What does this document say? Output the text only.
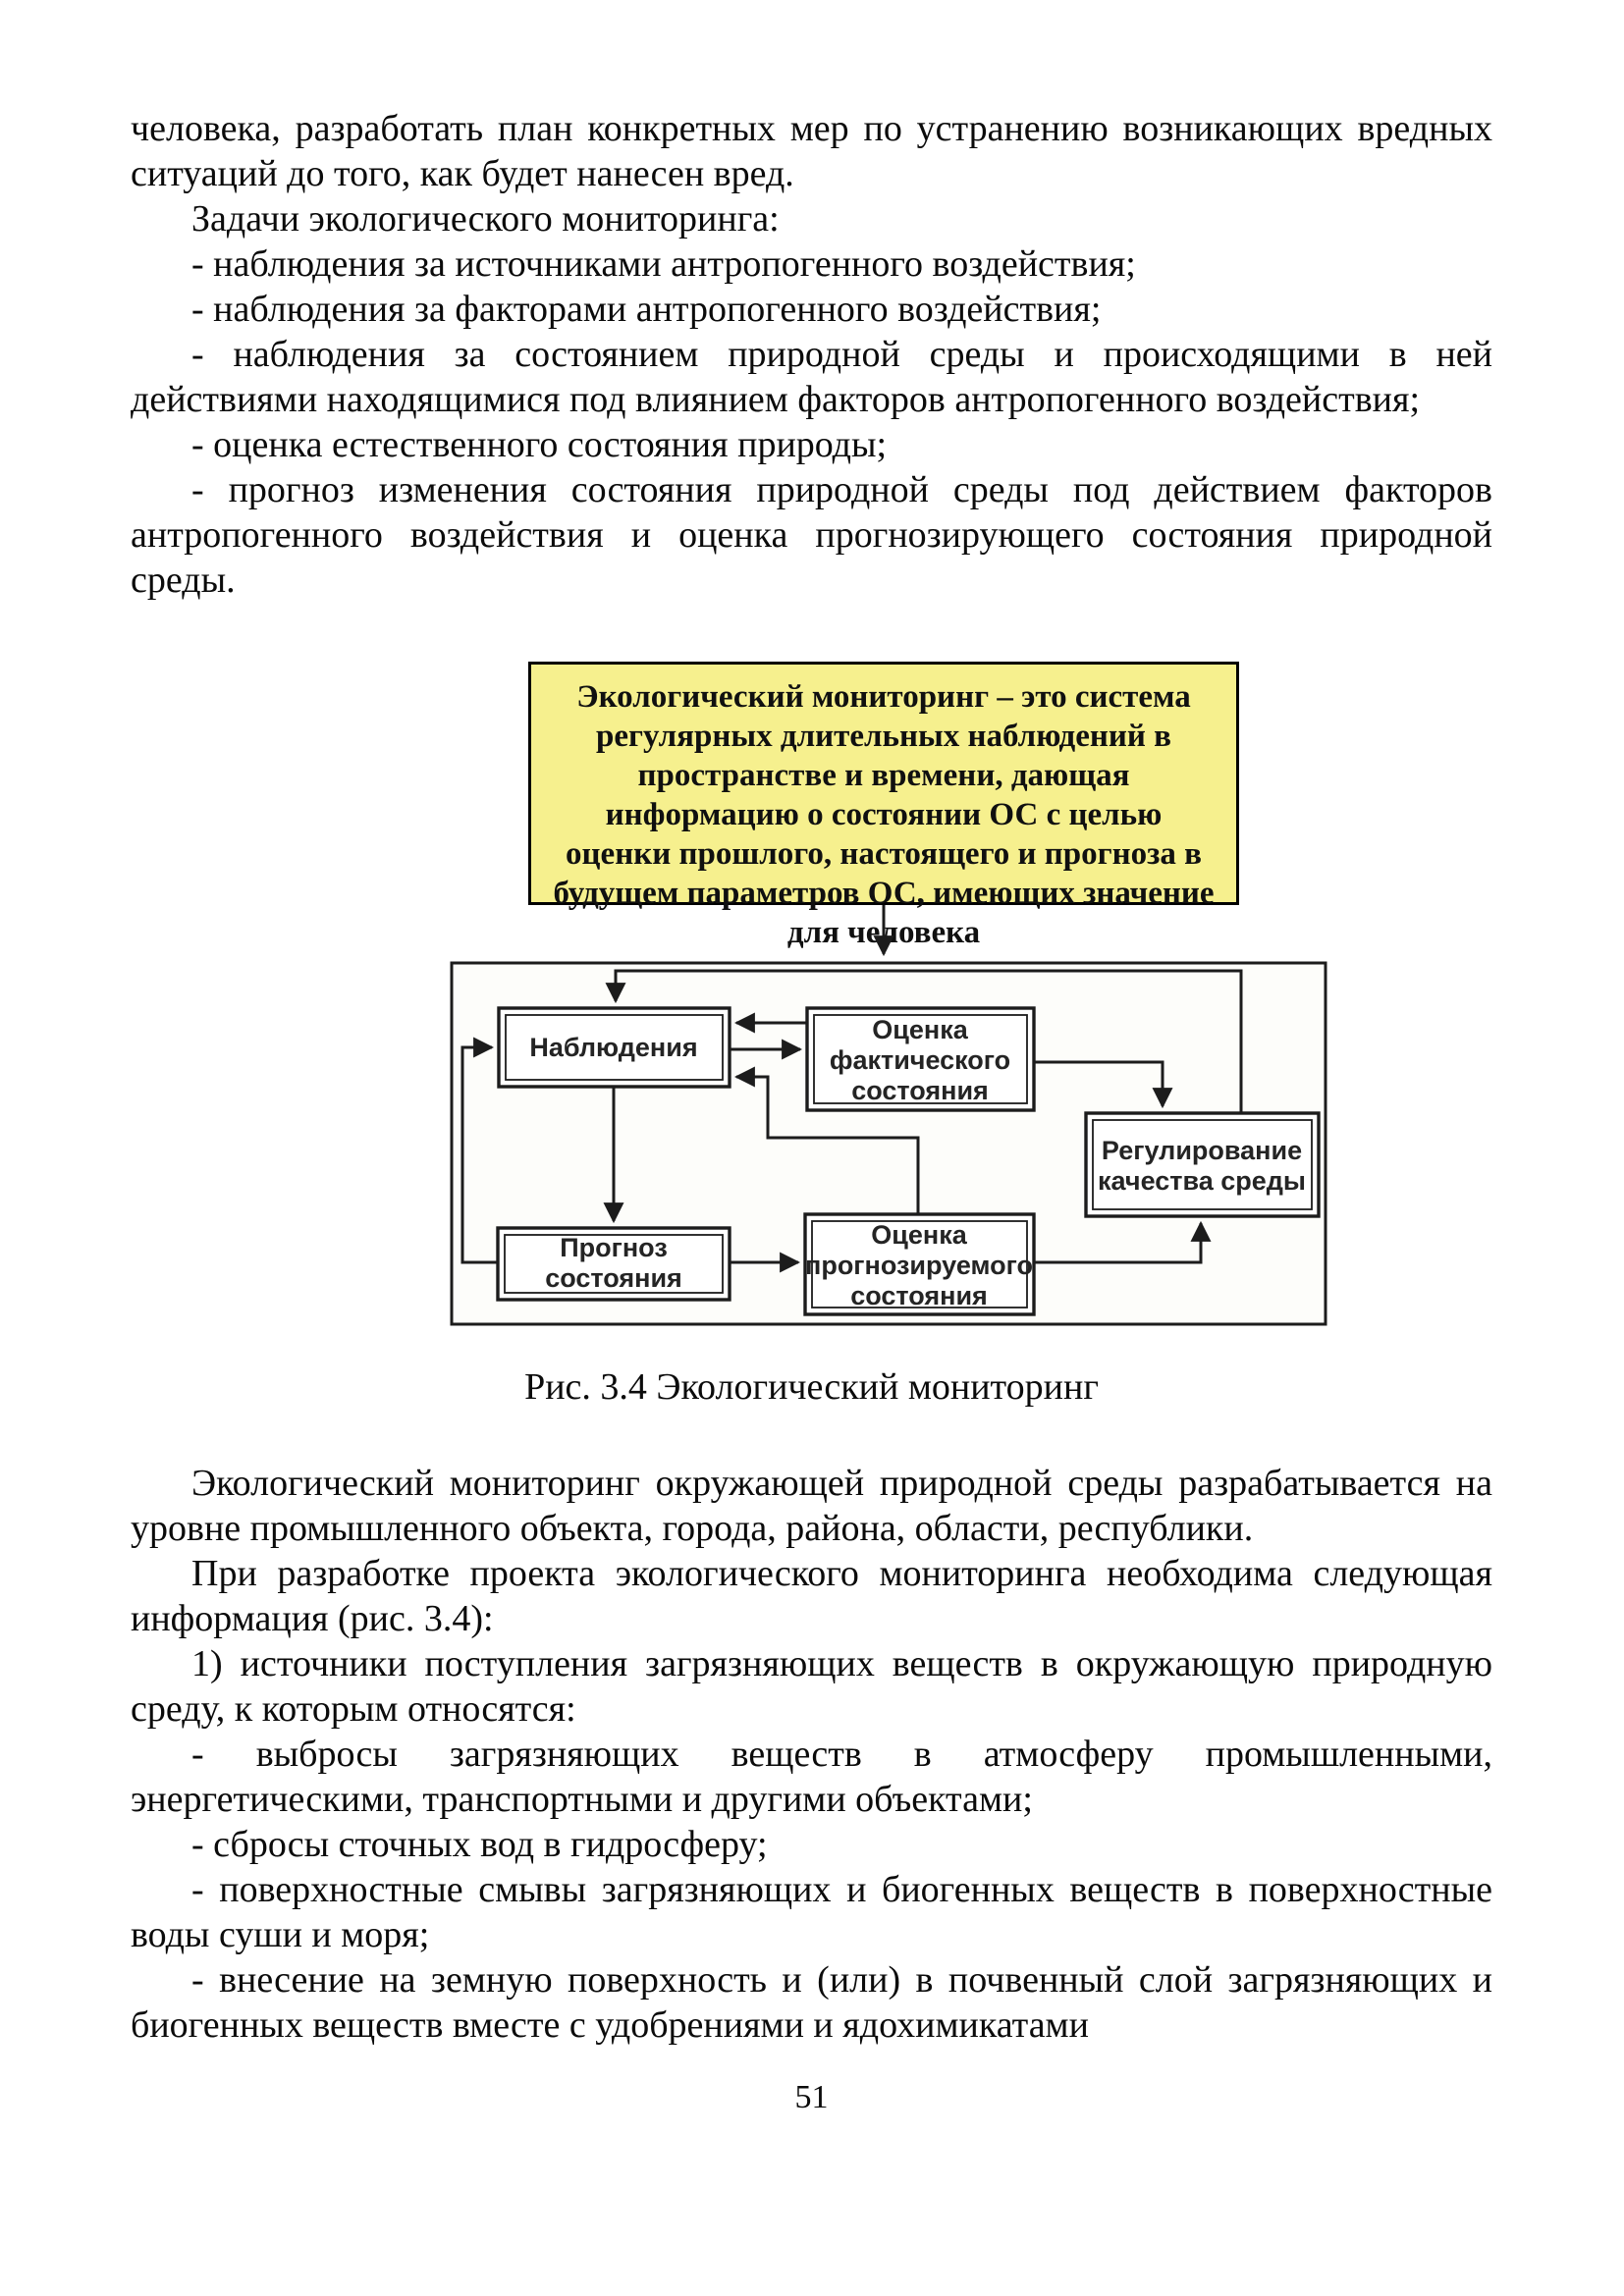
человека, разработать план конкретных мер по устранению возникающих вредных ситуаций до того, как будет нанесен вред.

Задачи экологического мониторинга:

- наблюдения за источниками антропогенного воздействия;

- наблюдения за факторами антропогенного воздействия;

- наблюдения за состоянием природной среды и происходящими в ней действиями находящимися под влиянием факторов антропогенного воздействия;

- оценка естественного состояния природы;

- прогноз изменения состояния природной среды под действием факторов антропогенного воздействия и оценка прогнозирующего состояния природной среды.

Экологический мониторинг – это система регулярных длительных наблюдений в пространстве и времени, дающая информацию о состоянии ОС с целью оценки прошлого, настоящего и прогноза в будущем параметров ОС, имеющих значение для человека
Наблюдения
Оценка
фактического
состояния
Регулирование
качества среды
Прогноз
состояния
Оценка
прогнозируемого
состояния
Рис. 3.4 Экологический мониторинг

Экологический мониторинг окружающей природной среды разрабатывается на уровне промышленного объекта, города, района, области, республики.

При разработке проекта экологического мониторинга необходима следующая информация (рис. 3.4):

1) источники поступления загрязняющих веществ в окружающую природную среду, к которым относятся:

- выбросы загрязняющих веществ в атмосферу промышленными, энергетическими, транспортными и другими объектами;

- сбросы сточных вод в гидросферу;

- поверхностные смывы загрязняющих и биогенных веществ в поверхностные воды суши и моря;

- внесение на земную поверхность и (или) в почвенный слой загрязняющих и биогенных веществ вместе с удобрениями и ядохимикатами

51
